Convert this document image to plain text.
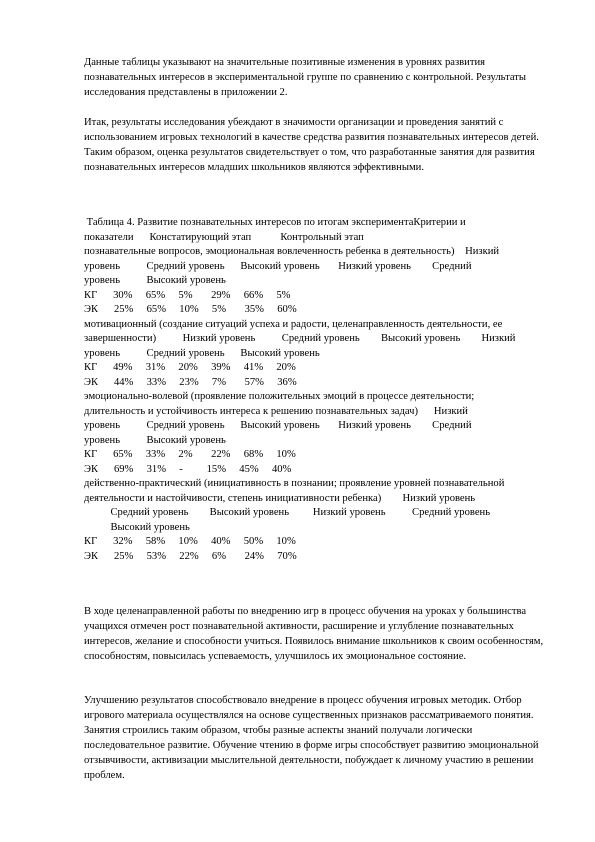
Данные таблицы указывают на значительные позитивные изменения в уровнях развития познавательных интересов в экспериментальной группе по сравнению с контрольной. Результаты исследования представлены в приложении 2.

Итак, результаты исследования убеждают в значимости организации и проведения занятий с использованием игровых технологий в качестве средства развития познавательных интересов детей. Таким образом, оценка результатов свидетельствует о том, что разработанные занятия для развития познавательных интересов младших школьников являются эффективными.

Таблица 4. Развитие познавательных интересов по итогам экспериментаКритерии и
показатели      Констатирующий этап           Контрольный этап
познавательные вопросов, эмоциональная вовлеченность ребенка в деятельность)    Низкий
уровень          Средний уровень      Высокий уровень       Низкий уровень        Средний
уровень          Высокий уровень
КГ      30%     65%     5%       29%     66%     5%
ЭК      25%     65%     10%     5%       35%     60%
мотивационный (создание ситуаций успеха и радости, целенаправленность деятельности, ее
завершенности)          Низкий уровень          Средний уровень        Высокий уровень        Низкий
уровень          Средний уровень      Высокий уровень
КГ      49%     31%     20%     39%     41%     20%
ЭК      44%     33%     23%     7%       57%     36%
эмоционально-волевой (проявление положительных эмоций в процессе деятельности;
длительность и устойчивость интереса к решению познавательных задач)      Низкий
уровень          Средний уровень      Высокий уровень       Низкий уровень        Средний
уровень          Высокий уровень
КГ      65%     33%     2%       22%     68%     10%
ЭК      69%     31%     -         15%     45%     40%
действенно-практический (инициативность в познании; проявление уровней познавательной
деятельности и настойчивости, степень инициативности ребенка)        Низкий уровень
Средний уровень        Высокий уровень         Низкий уровень          Средний уровень
Высокий уровень
КГ      32%     58%     10%     40%     50%     10%
ЭК      25%     53%     22%     6%       24%     70%

В ходе целенаправленной работы по внедрению игр в процесс обучения на уроках у большинства учащихся отмечен рост познавательной активности, расширение и углубление познавательных интересов, желание и способности учиться. Появилось внимание школьников к своим особенностям, способностям, повысилась успеваемость, улучшилось их эмоциональное состояние.

Улучшению результатов способствовало внедрение в процесс обучения игровых методик. Отбор игрового материала осуществлялся на основе существенных признаков рассматриваемого понятия. Занятия строились таким образом, чтобы разные аспекты знаний получали логически последовательное развитие. Обучение чтению в форме игры способствует развитию эмоциональной отзывчивости, активизации мыслительной деятельности, побуждает к личному участию в решении проблем.
